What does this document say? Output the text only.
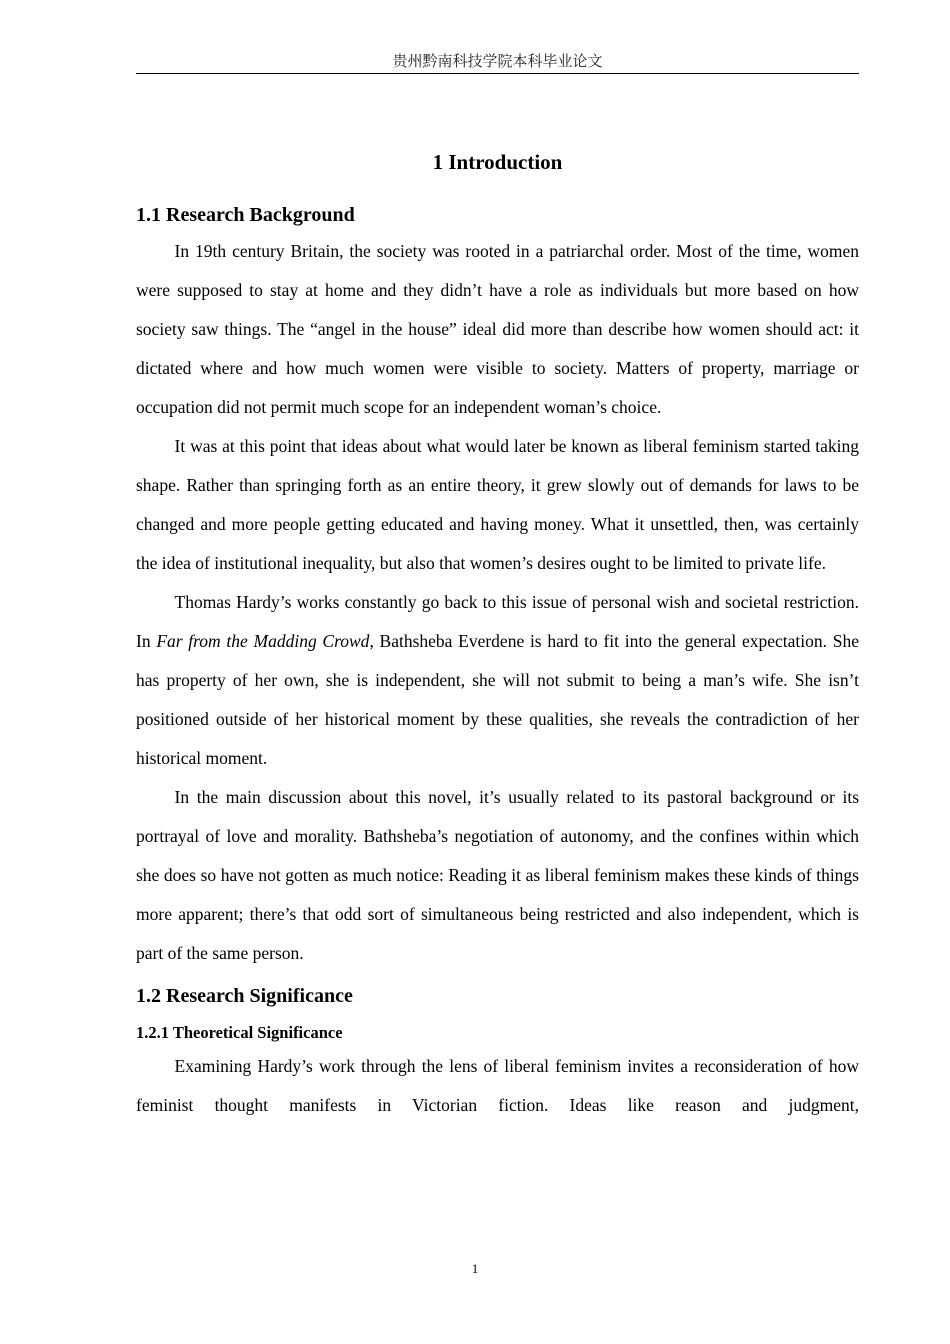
贵州黔南科技学院本科毕业论文
1 Introduction
1.1 Research Background

In 19th century Britain, the society was rooted in a patriarchal order. Most of the time, women were supposed to stay at home and they didn’t have a role as individuals but more based on how society saw things. The “angel in the house” ideal did more than describe how women should act: it dictated where and how much women were visible to society. Matters of property, marriage or occupation did not permit much scope for an independent woman’s choice.

It was at this point that ideas about what would later be known as liberal feminism started taking shape. Rather than springing forth as an entire theory, it grew slowly out of demands for laws to be changed and more people getting educated and having money. What it unsettled, then, was certainly the idea of institutional inequality, but also that women’s desires ought to be limited to private life.

Thomas Hardy’s works constantly go back to this issue of personal wish and societal restriction. In Far from the Madding Crowd, Bathsheba Everdene is hard to fit into the general expectation. She has property of her own, she is independent, she will not submit to being a man’s wife. She isn’t positioned outside of her historical moment by these qualities, she reveals the contradiction of her historical moment.

In the main discussion about this novel, it’s usually related to its pastoral background or its portrayal of love and morality. Bathsheba’s negotiation of autonomy, and the confines within which she does so have not gotten as much notice: Reading it as liberal feminism makes these kinds of things more apparent; there’s that odd sort of simultaneous being restricted and also independent, which is part of the same person.

1.2 Research Significance
1.2.1 Theoretical Significance

Examining Hardy’s work through the lens of liberal feminism invites a reconsideration of how feminist thought manifests in Victorian fiction. Ideas like reason and judgment,

1
